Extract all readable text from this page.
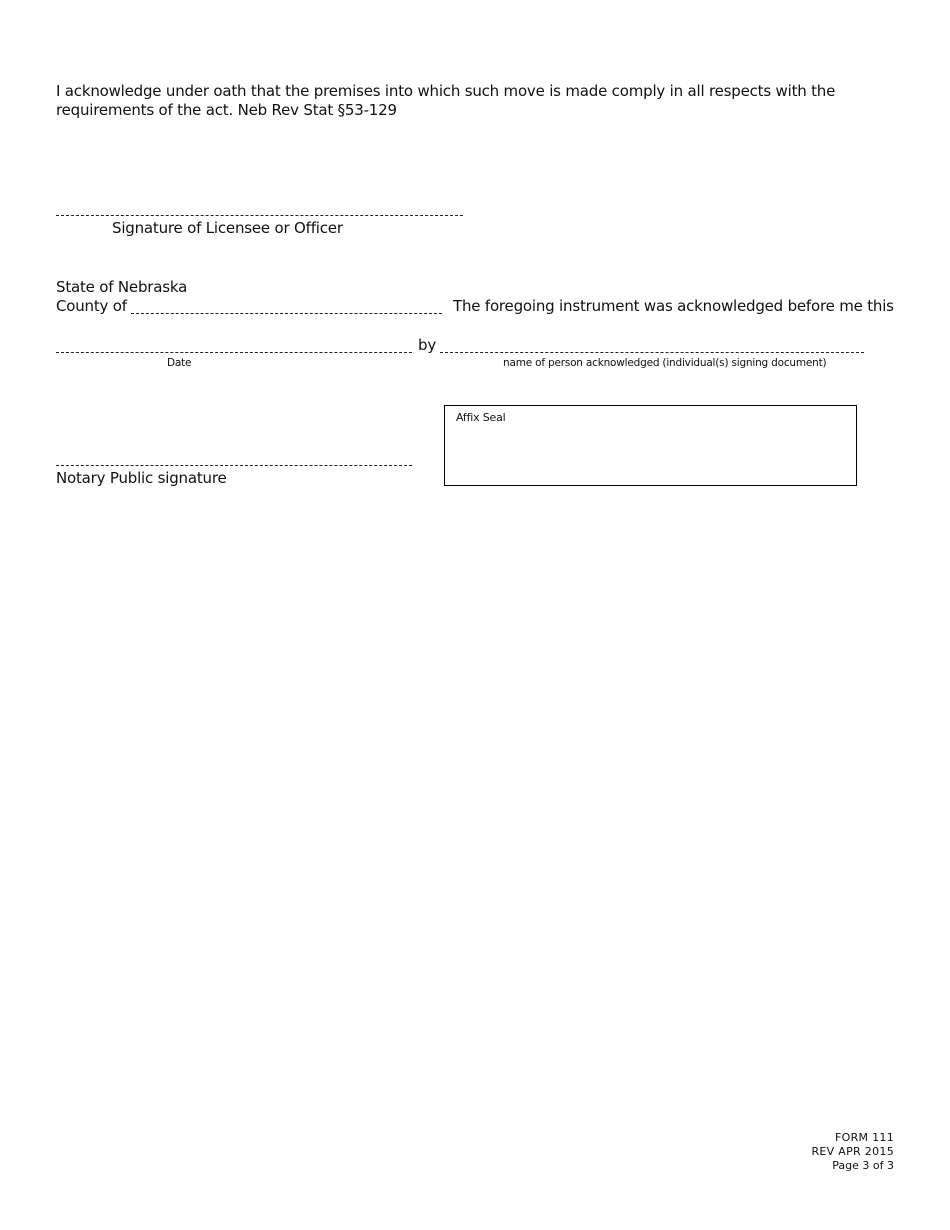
I acknowledge under oath that the premises into which such move is made comply in all respects with the
requirements of the act. Neb Rev Stat §53-129
Signature of Licensee or Officer
State of Nebraska
County of	The foregoing instrument was acknowledged before me this
by
Date	name of person acknowledged (individual(s) signing document)
Notary Public signature
Affix Seal
FORM 111
REV APR 2015
Page 3 of 3
